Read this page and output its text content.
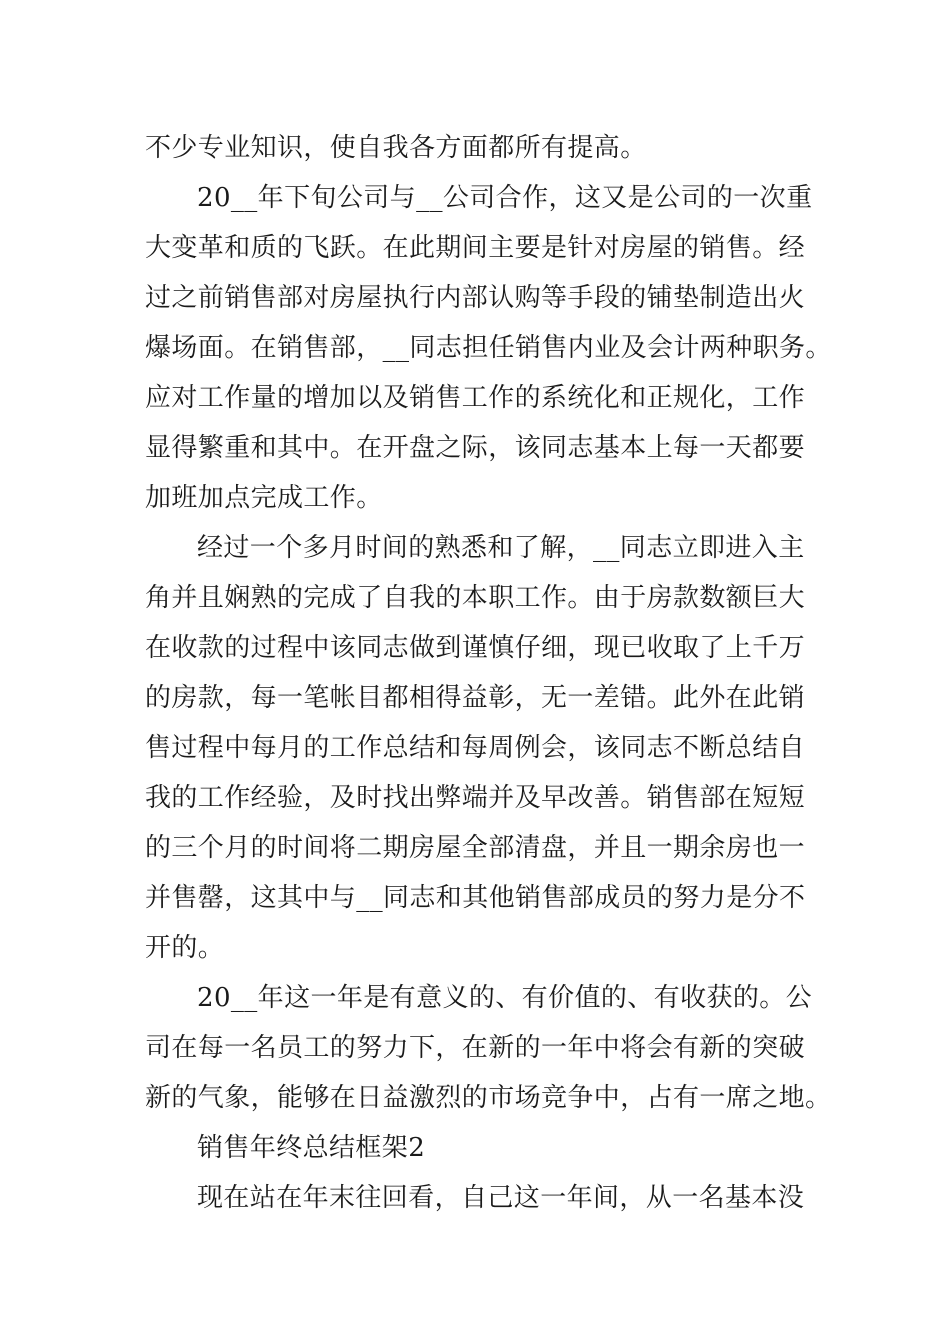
不少专业知识，使自我各方面都所有提高。
20__年下旬公司与__公司合作，这又是公司的一次重
大变革和质的飞跃。在此期间主要是针对房屋的销售。经
过之前销售部对房屋执行内部认购等手段的铺垫制造出火
爆场面。在销售部，__同志担任销售内业及会计两种职务。
应对工作量的增加以及销售工作的系统化和正规化，工作
显得繁重和其中。在开盘之际，该同志基本上每一天都要
加班加点完成工作。
经过一个多月时间的熟悉和了解，__同志立即进入主
角并且娴熟的完成了自我的本职工作。由于房款数额巨大
在收款的过程中该同志做到谨慎仔细，现已收取了上千万
的房款，每一笔帐目都相得益彰，无一差错。此外在此销
售过程中每月的工作总结和每周例会，该同志不断总结自
我的工作经验，及时找出弊端并及早改善。销售部在短短
的三个月的时间将二期房屋全部清盘，并且一期余房也一
并售罄，这其中与__同志和其他销售部成员的努力是分不
开的。
20__年这一年是有意义的、有价值的、有收获的。公
司在每一名员工的努力下，在新的一年中将会有新的突破
新的气象，能够在日益激烈的市场竞争中，占有一席之地。
销售年终总结框架2
现在站在年末往回看，自己这一年间，从一名基本没
